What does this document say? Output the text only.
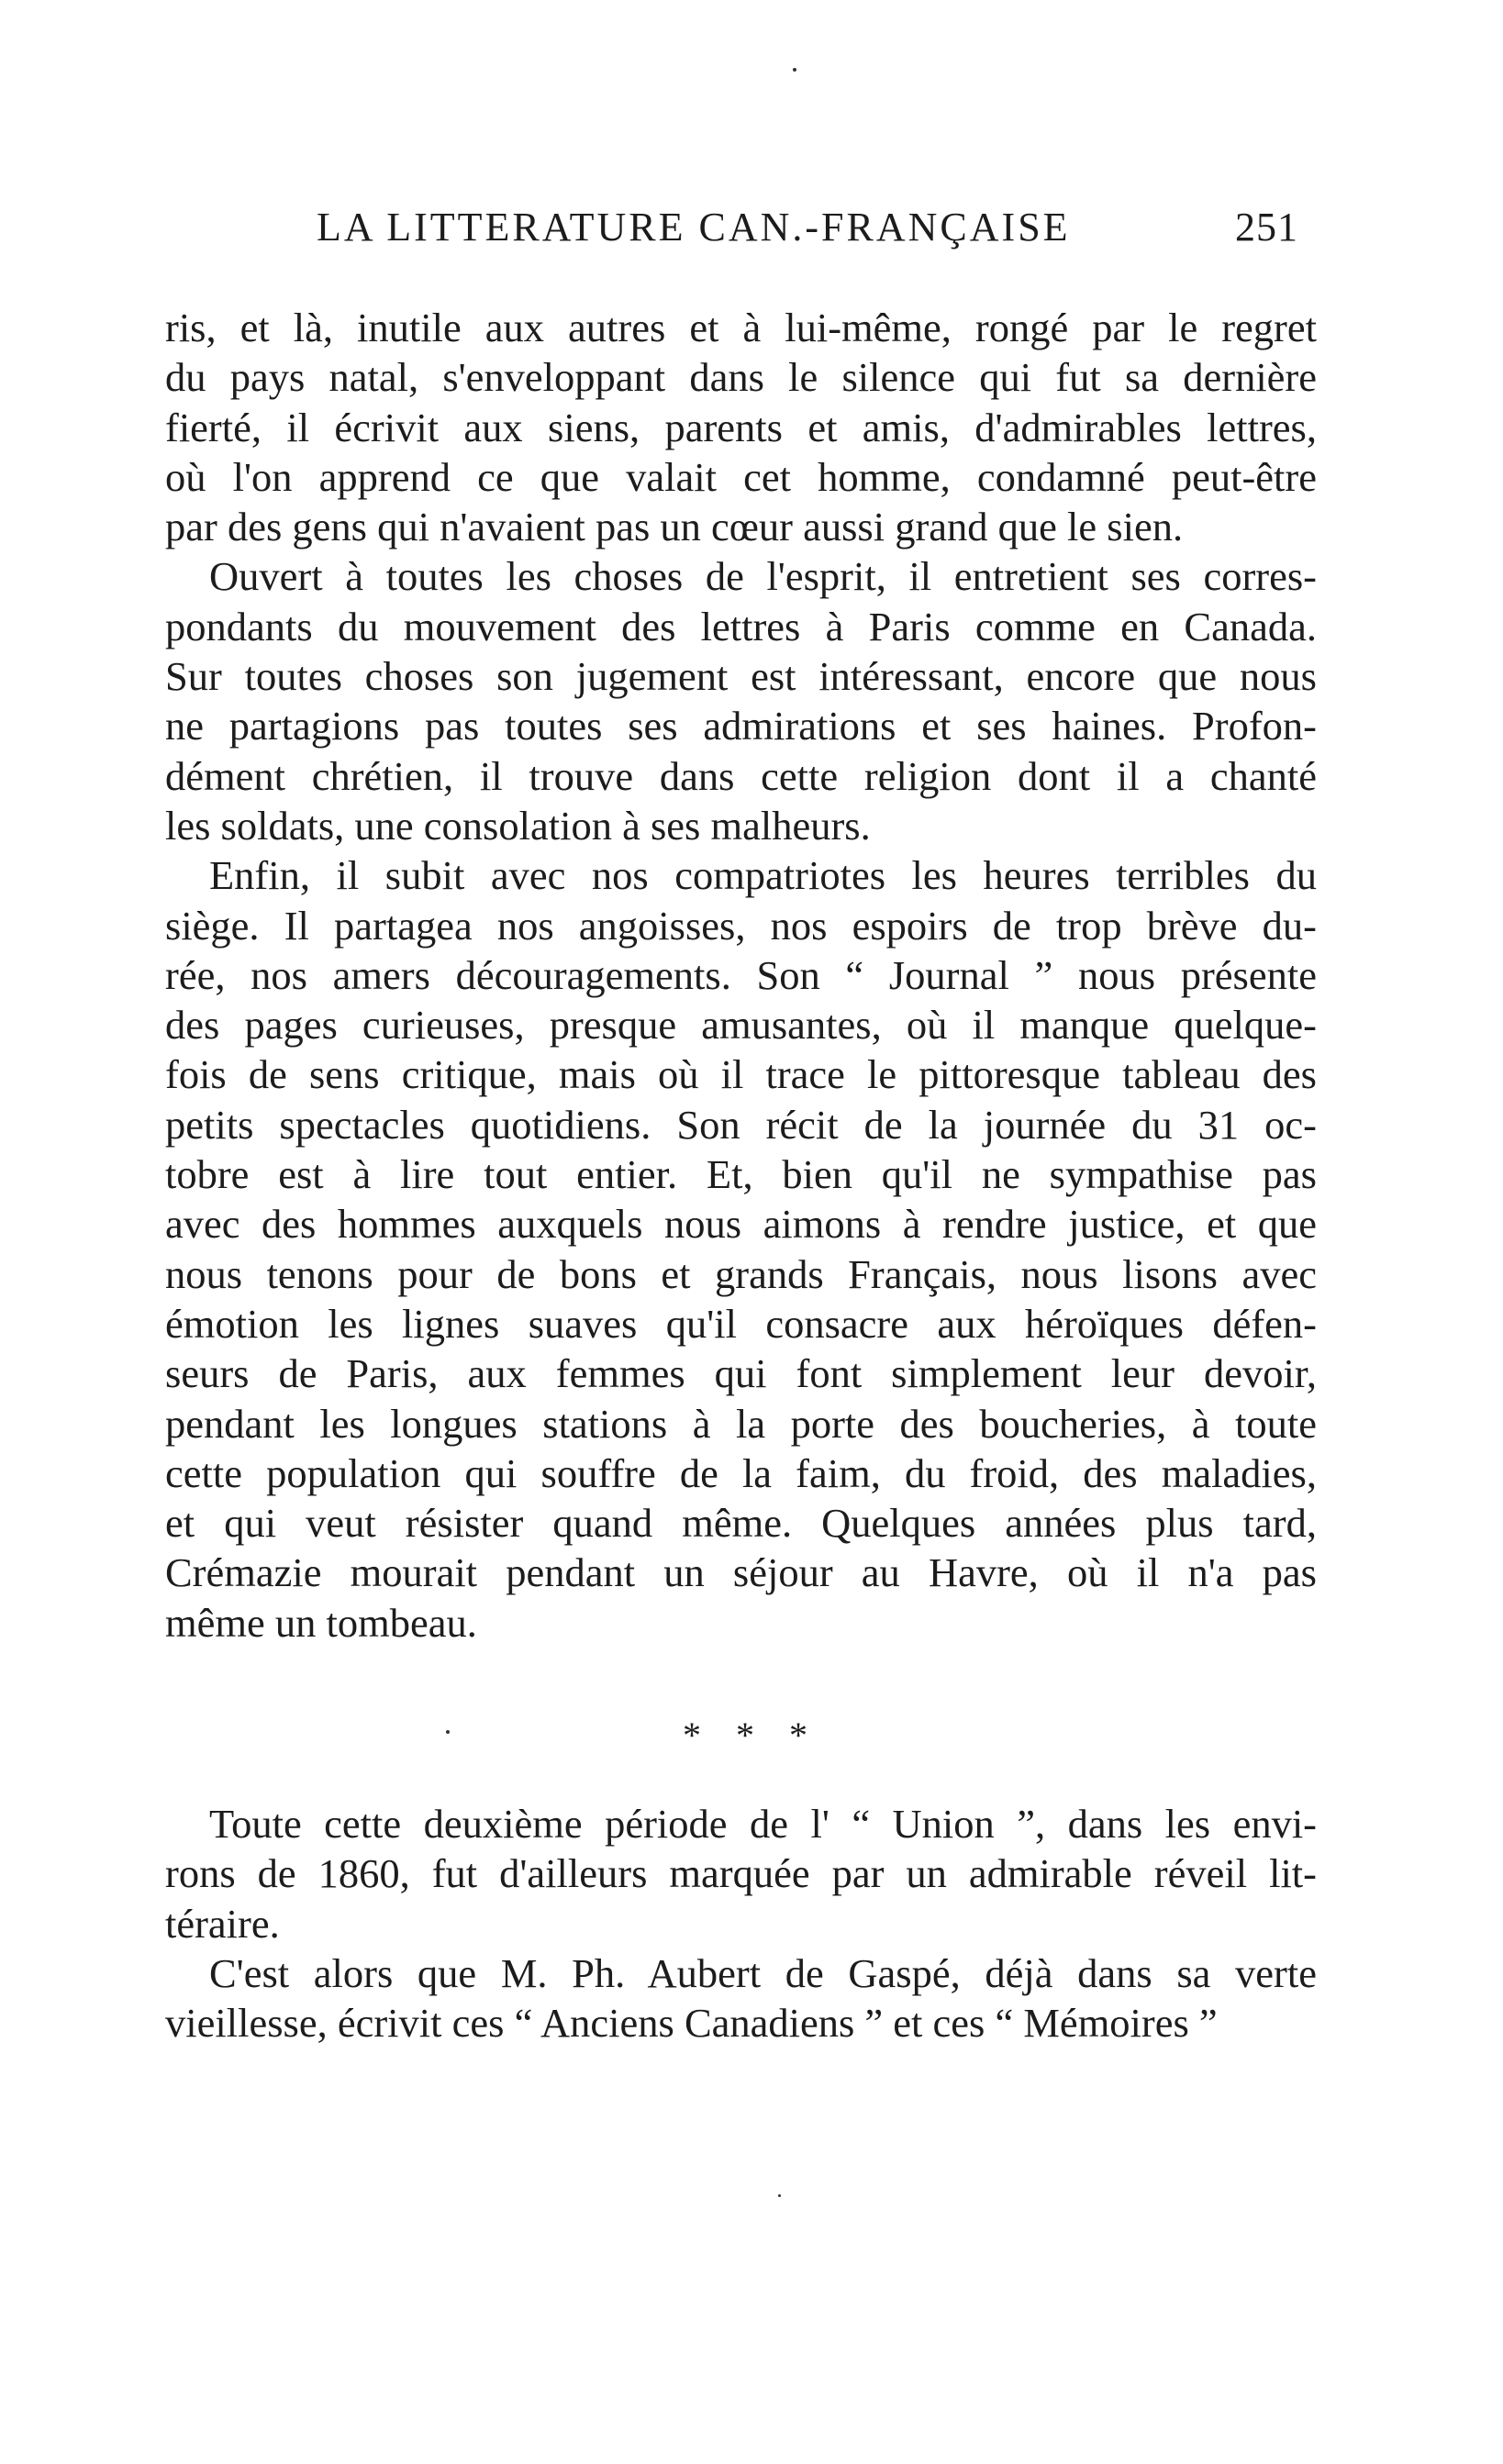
LA LITTERATURE CAN.-FRANÇAISE	251
ris, et là, inutile aux autres et à lui-même, rongé par le regret
du pays natal, s'enveloppant dans le silence qui fut sa dernière
fierté, il écrivit aux siens, parents et amis, d'admirables lettres,
où l'on apprend ce que valait cet homme, condamné peut-être
par des gens qui n'avaient pas un cœur aussi grand que le sien.
Ouvert à toutes les choses de l'esprit, il entretient ses corres-
pondants du mouvement des lettres à Paris comme en Canada.
Sur toutes choses son jugement est intéressant, encore que nous
ne partagions pas toutes ses admirations et ses haines. Profon-
dément chrétien, il trouve dans cette religion dont il a chanté
les soldats, une consolation à ses malheurs.
Enfin, il subit avec nos compatriotes les heures terribles du
siège. Il partagea nos angoisses, nos espoirs de trop brève du-
rée, nos amers découragements. Son “ Journal ” nous présente
des pages curieuses, presque amusantes, où il manque quelque-
fois de sens critique, mais où il trace le pittoresque tableau des
petits spectacles quotidiens. Son récit de la journée du 31 oc-
tobre est à lire tout entier. Et, bien qu'il ne sympathise pas
avec des hommes auxquels nous aimons à rendre justice, et que
nous tenons pour de bons et grands Français, nous lisons avec
émotion les lignes suaves qu'il consacre aux héroïques défen-
seurs de Paris, aux femmes qui font simplement leur devoir,
pendant les longues stations à la porte des boucheries, à toute
cette population qui souffre de la faim, du froid, des maladies,
et qui veut résister quand même. Quelques années plus tard,
Crémazie mourait pendant un séjour au Havre, où il n'a pas
même un tombeau.
* * *
Toute cette deuxième période de l' “ Union ”, dans les envi-
rons de 1860, fut d'ailleurs marquée par un admirable réveil lit-
téraire.
C'est alors que M. Ph. Aubert de Gaspé, déjà dans sa verte
vieillesse, écrivit ces “ Anciens Canadiens ” et ces “ Mémoires ”
